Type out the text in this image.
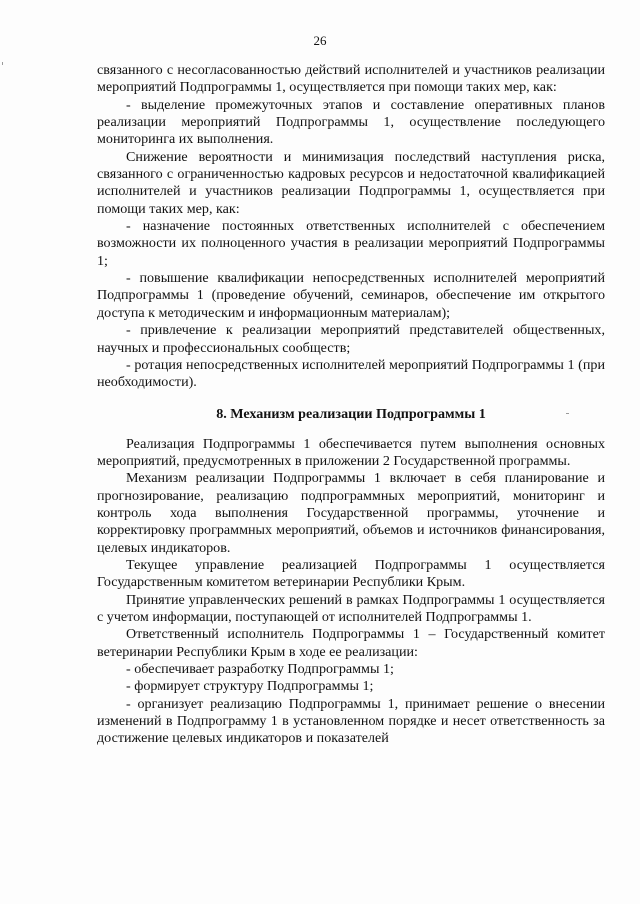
26

связанного с несогласованностью действий исполнителей и участников реализации мероприятий Подпрограммы 1, осуществляется при помощи таких мер, как:

- выделение промежуточных этапов и составление оперативных планов реализации мероприятий Подпрограммы 1, осуществление последующего мониторинга их выполнения.

Снижение вероятности и минимизация последствий наступления риска, связанного с ограниченностью кадровых ресурсов и недостаточной квалификацией исполнителей и участников реализации Подпрограммы 1, осуществляется при помощи таких мер, как:

- назначение постоянных ответственных исполнителей с обеспечением возможности их полноценного участия в реализации мероприятий Подпрограммы 1;

- повышение квалификации непосредственных исполнителей мероприятий Подпрограммы 1 (проведение обучений, семинаров, обеспечение им открытого доступа к методическим и информационным материалам);

- привлечение к реализации мероприятий представителей общественных, научных и профессиональных сообществ;

- ротация непосредственных исполнителей мероприятий Подпрограммы 1 (при необходимости).

8. Механизм реализации Подпрограммы 1

Реализация Подпрограммы 1 обеспечивается путем выполнения основных мероприятий, предусмотренных в приложении 2 Государственной программы.

Механизм реализации Подпрограммы 1 включает в себя планирование и прогнозирование, реализацию подпрограммных мероприятий, мониторинг и контроль хода выполнения Государственной программы, уточнение и корректировку программных мероприятий, объемов и источников финансирования, целевых индикаторов.

Текущее управление реализацией Подпрограммы 1 осуществляется Государственным комитетом ветеринарии Республики Крым.

Принятие управленческих решений в рамках Подпрограммы 1 осуществляется с учетом информации, поступающей от исполнителей Подпрограммы 1.

Ответственный исполнитель Подпрограммы 1 – Государственный комитет ветеринарии Республики Крым в ходе ее реализации:

- обеспечивает разработку Подпрограммы 1;

- формирует структуру Подпрограммы 1;

- организует реализацию Подпрограммы 1, принимает решение о внесении изменений в Подпрограмму 1 в установленном порядке и несет ответственность за достижение целевых индикаторов и показателей
